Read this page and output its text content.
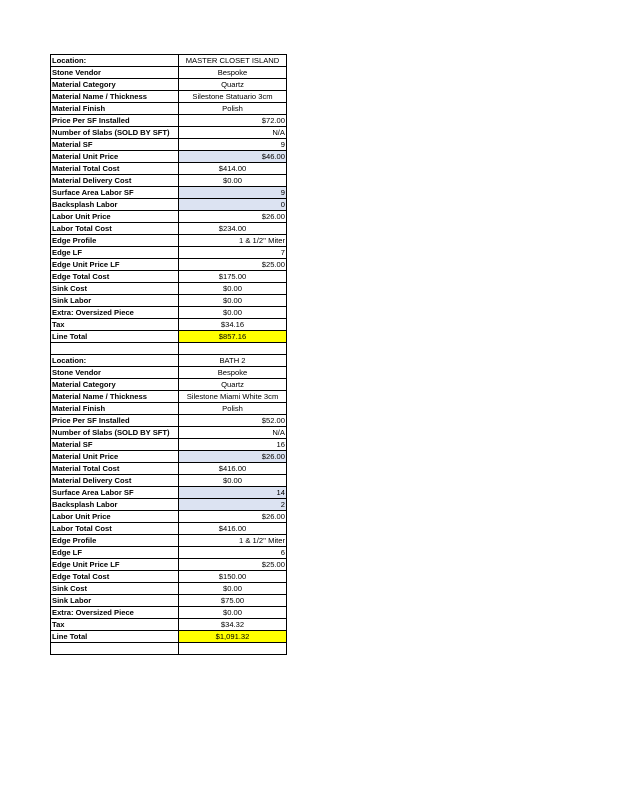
Location:	MASTER CLOSET ISLAND
Stone Vendor	Bespoke
Material Category	Quartz
Material Name / Thickness	Silestone Statuario 3cm
Material Finish	Polish
Price Per SF Installed	$72.00
Number of Slabs (SOLD BY SFT)	N/A
Material SF	9
Material Unit Price	$46.00
Material Total Cost	$414.00
Material Delivery Cost	$0.00
Surface Area Labor SF	9
Backsplash Labor	0
Labor Unit Price	$26.00
Labor Total Cost	$234.00
Edge Profile	1 & 1/2'' Miter
Edge LF	7
Edge Unit Price LF	$25.00
Edge Total Cost	$175.00
Sink Cost	$0.00
Sink Labor	$0.00
Extra: Oversized Piece	$0.00
Tax	$34.16
Line Total	$857.16

Location:	BATH 2
Stone Vendor	Bespoke
Material Category	Quartz
Material Name / Thickness	Silestone Miami White 3cm
Material Finish	Polish
Price Per SF Installed	$52.00
Number of Slabs (SOLD BY SFT)	N/A
Material SF	16
Material Unit Price	$26.00
Material Total Cost	$416.00
Material Delivery Cost	$0.00
Surface Area Labor SF	14
Backsplash Labor	2
Labor Unit Price	$26.00
Labor Total Cost	$416.00
Edge Profile	1 & 1/2'' Miter
Edge LF	6
Edge Unit Price LF	$25.00
Edge Total Cost	$150.00
Sink Cost	$0.00
Sink Labor	$75.00
Extra: Oversized Piece	$0.00
Tax	$34.32
Line Total	$1,091.32
